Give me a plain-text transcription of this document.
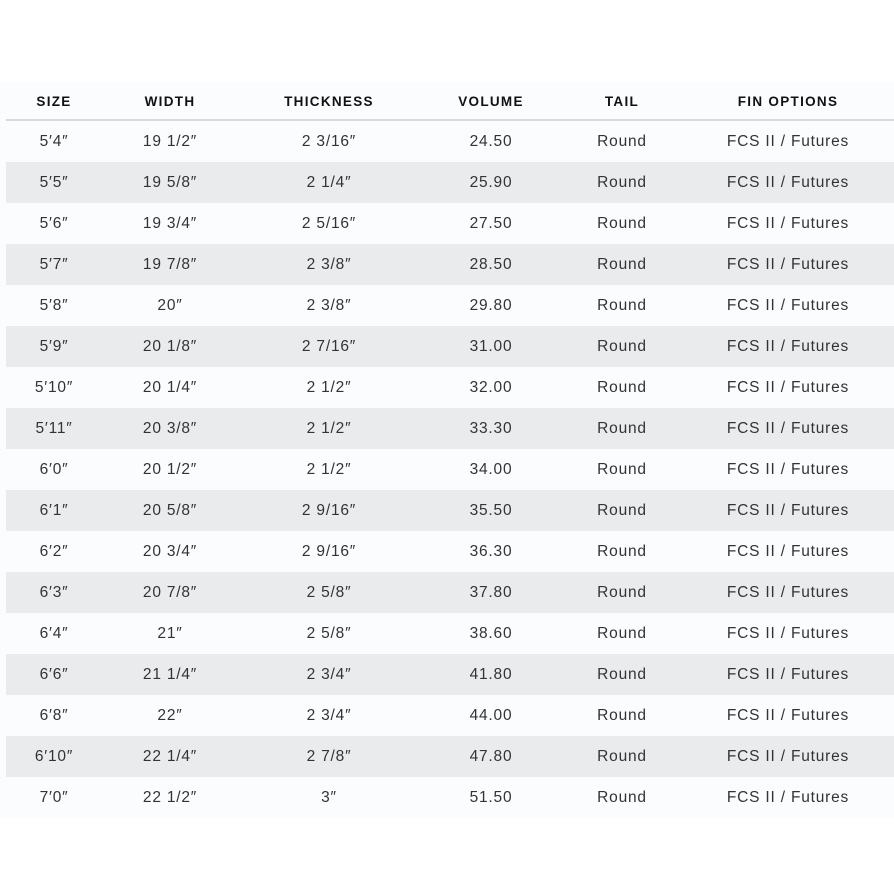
SIZE	WIDTH	THICKNESS	VOLUME	TAIL	FIN OPTIONS
5′4″	19 1/2″	2 3/16″	24.50	Round	FCS II / Futures
5′5″	19 5/8″	2 1/4″	25.90	Round	FCS II / Futures
5′6″	19 3/4″	2 5/16″	27.50	Round	FCS II / Futures
5′7″	19 7/8″	2 3/8″	28.50	Round	FCS II / Futures
5′8″	20″	2 3/8″	29.80	Round	FCS II / Futures
5′9″	20 1/8″	2 7/16″	31.00	Round	FCS II / Futures
5′10″	20 1/4″	2 1/2″	32.00	Round	FCS II / Futures
5′11″	20 3/8″	2 1/2″	33.30	Round	FCS II / Futures
6′0″	20 1/2″	2 1/2″	34.00	Round	FCS II / Futures
6′1″	20 5/8″	2 9/16″	35.50	Round	FCS II / Futures
6′2″	20 3/4″	2 9/16″	36.30	Round	FCS II / Futures
6′3″	20 7/8″	2 5/8″	37.80	Round	FCS II / Futures
6′4″	21″	2 5/8″	38.60	Round	FCS II / Futures
6′6″	21 1/4″	2 3/4″	41.80	Round	FCS II / Futures
6′8″	22″	2 3/4″	44.00	Round	FCS II / Futures
6′10″	22 1/4″	2 7/8″	47.80	Round	FCS II / Futures
7′0″	22 1/2″	3″	51.50	Round	FCS II / Futures
